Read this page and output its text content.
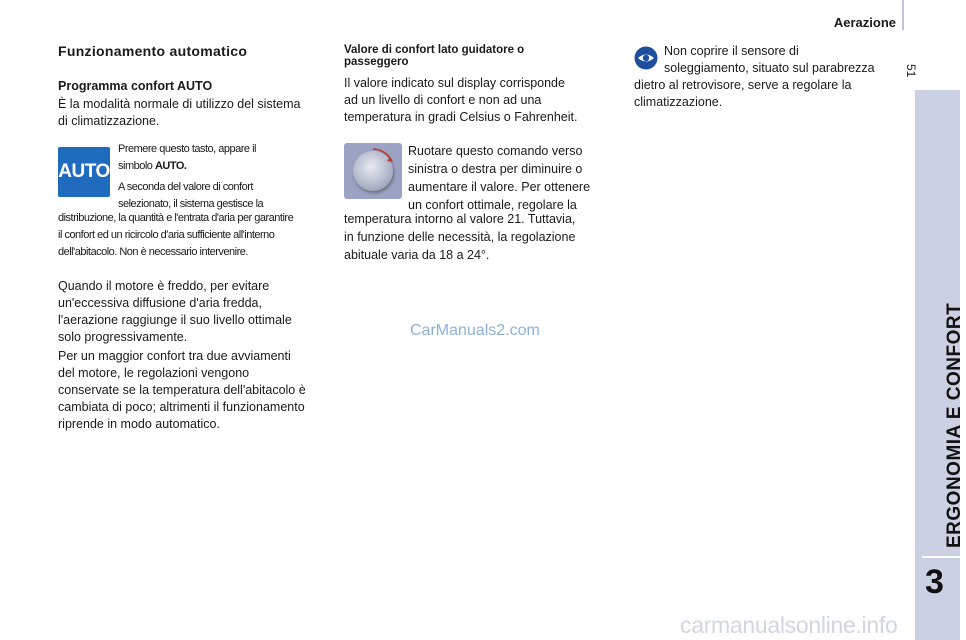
Aerazione
51
ERGONOMIA E CONFORT
3
Funzionamento automatico
Programma confort AUTO
È la modalità normale di utilizzo del sistema
di climatizzazione.
AUTO
Premere questo tasto, appare il
simbolo AUTO.
A seconda del valore di confort
selezionato, il sistema gestisce la
distribuzione, la quantità e l'entrata d'aria per garantire
il confort ed un ricircolo d'aria sufficiente all'interno
dell'abitacolo. Non è necessario intervenire.
Quando il motore è freddo, per evitare
un'eccessiva diffusione d'aria fredda,
l'aerazione raggiunge il suo livello ottimale
solo progressivamente.
Per un maggior confort tra due avviamenti
del motore, le regolazioni vengono
conservate se la temperatura dell'abitacolo è
cambiata di poco; altrimenti il funzionamento
riprende in modo automatico.
Valore di confort lato guidatore o
passeggero
Il valore indicato sul display corrisponde
ad un livello di confort e non ad una
temperatura in gradi Celsius o Fahrenheit.
Ruotare questo comando verso
sinistra o destra per diminuire o
aumentare il valore. Per ottenere
un confort ottimale, regolare la
temperatura intorno al valore 21. Tuttavia,
in funzione delle necessità, la regolazione
abituale varia da 18 a 24°.
Non coprire il sensore di
soleggiamento, situato sul parabrezza
dietro al retrovisore, serve a regolare la
climatizzazione.
CarManuals2.com
carmanualsonline.info
